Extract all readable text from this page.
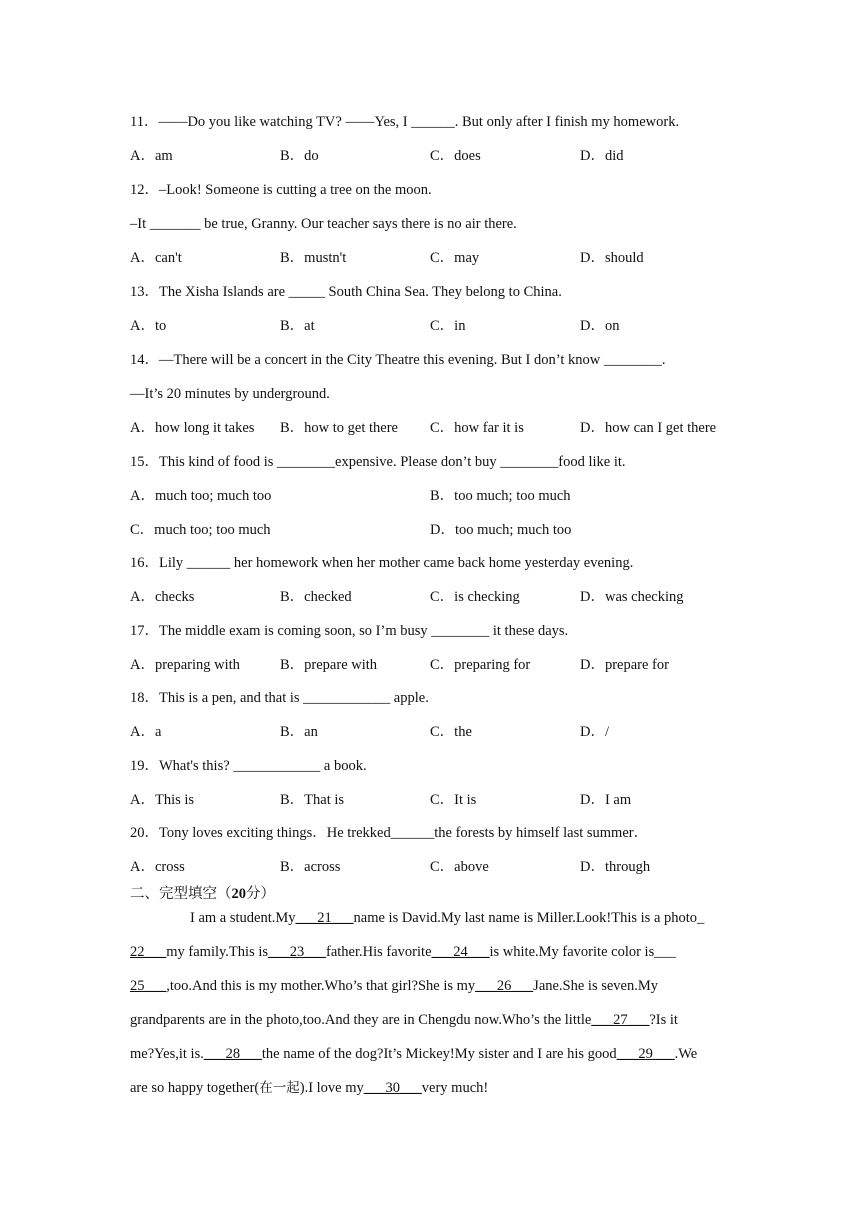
11．——Do you like watching TV? ——Yes, I ______. But only after I finish my homework.
A．am	B．do	C．does	D．did
12．–Look! Someone is cutting a tree on the moon.
–It _______ be true, Granny. Our teacher says there is no air there.
A．can't	B．mustn't	C．may	D．should
13．The Xisha Islands are _____ South China Sea. They belong to China.
A．to	B．at	C．in	D．on
14．—There will be a concert in the City Theatre this evening. But I don’t know ________.
—It’s 20 minutes by underground.
A．how long it takes B．how to get there C．how far it is	D．how can I get there
15．This kind of food is ________expensive. Please don’t buy ________food like it.
A．much too; much too	B．too much; too much
C．much too; too much	D．too much; much too
16．Lily ______ her homework when her mother came back home yesterday evening.
A．checks	B．checked	C．is checking	D．was checking
17．The middle exam is coming soon, so I’m busy ________ it these days.
A．preparing with	B．prepare with	C．preparing for	D．prepare for
18．This is a pen, and that is ____________ apple.
A．a	B．an	C．the	D．/
19．What's this? ____________ a book.
A．This is	B．That is	C．It is	D．I am
20．Tony loves exciting things．He trekked______the forests by himself last summer．
A．cross	B．across	C．above	D．through
二、完型填空（20分）

I am a student.My___21___name is David.My last name is Miller.Look!This is a photo_

22___my family.This is___23___father.His favorite___24___is white.My favorite color is___

25___,too.And this is my mother.Who’s that girl?She is my___26___Jane.She is seven.My

grandparents are in the photo,too.And they are in Chengdu now.Who’s the little___27___?Is it

me?Yes,it is.___28___the name of the dog?It’s Mickey!My sister and I are his good___29___.We

are so happy together(在一起).I love my___30___very much!
